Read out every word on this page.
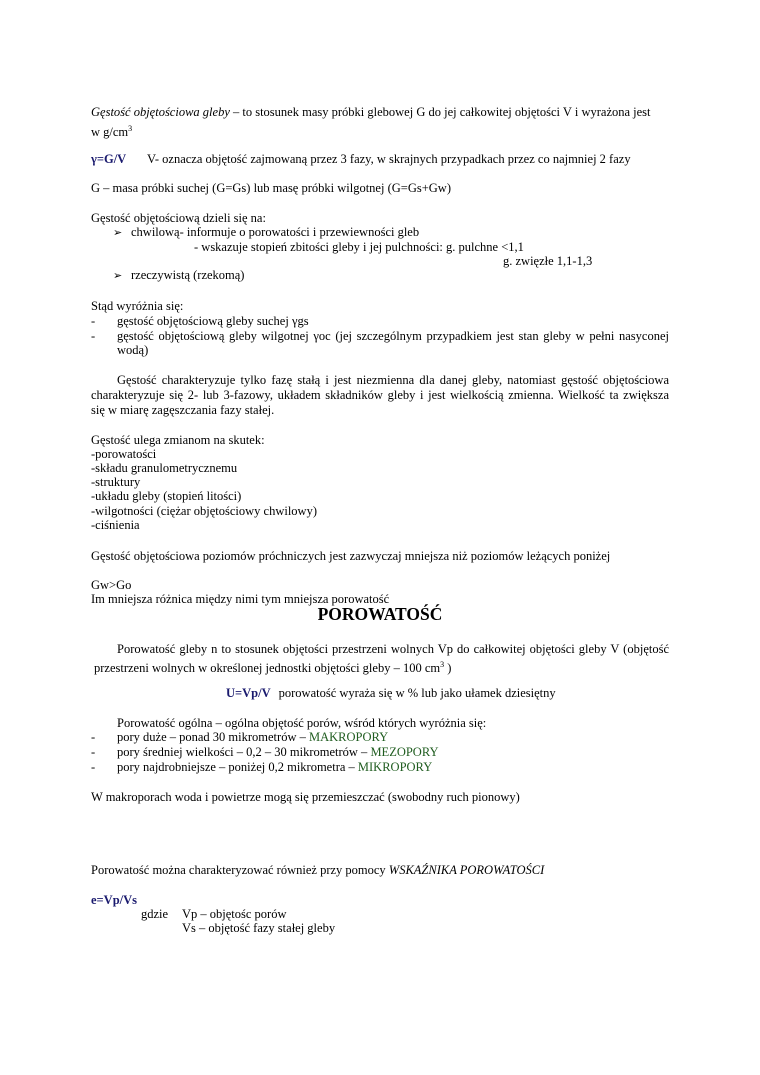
Gęstość objętościowa gleby – to stosunek masy próbki glebowej G do jej całkowitej objętości V i wyrażona jest
w $g/cm^3$
γ=G/V V- oznacza objętość zajmowaną przez 3 fazy, w skrajnych przypadkach przez co najmniej 2 fazy
G – masa próbki suchej (G=Gs) lub masę próbki wilgotnej (G=Gs+Gw)
Gęstość objętościową dzieli się na:
➢ chwilową- informuje o porowatości i przewiewności gleb
- wskazuje stopień zbitości gleby i jej pulchności: g. pulchne <1,1
g. zwięzłe 1,1-1,3
➢ rzeczywistą (rzekomą)
Stąd wyróżnia się:
- gęstość objętościową gleby suchej γgs
- gęstość objętościową gleby wilgotnej γoc (jej szczególnym przypadkiem jest stan gleby w pełni nasyconej
wodą)
Gęstość charakteryzuje tylko fazę stałą i jest niezmienna dla danej gleby, natomiast gęstość objętościowa
charakteryzuje się 2- lub 3-fazowy, układem składników gleby i jest wielkością zmienna. Wielkość ta zwiększa
się w miarę zagęszczania fazy stałej.
Gęstość ulega zmianom na skutek:
-porowatości
-składu granulometrycznemu
-struktury
-układu gleby (stopień litości)
-wilgotności (ciężar objętościowy chwilowy)
-ciśnienia
Gęstość objętościowa poziomów próchniczych jest zazwyczaj mniejsza niż poziomów leżących poniżej
Gw>Go
Im mniejsza różnica między nimi tym mniejsza porowatość
POROWATOŚĆ
Porowatość gleby n to stosunek objętości przestrzeni wolnych Vp do całkowitej objętości gleby V (objętość
przestrzeni wolnych w określonej jednostki objętości gleby – 100 $cm^3$ )
U=Vp/V porowatość wyraża się w % lub jako ułamek dziesiętny
Porowatość ogólna – ogólna objętość porów, wśród których wyróżnia się:
- pory duże – ponad 30 mikrometrów – MAKROPORY
- pory średniej wielkości – 0,2 – 30 mikrometrów – MEZOPORY
- pory najdrobniejsze – poniżej 0,2 mikrometra – MIKROPORY
W makroporach woda i powietrze mogą się przemieszczać (swobodny ruch pionowy)
Porowatość można charakteryzować również przy pomocy WSKAŹNIKA POROWATOŚCI
e=Vp/Vs
gdzie Vp – objętośc porów
Vs – objętość fazy stałej gleby
